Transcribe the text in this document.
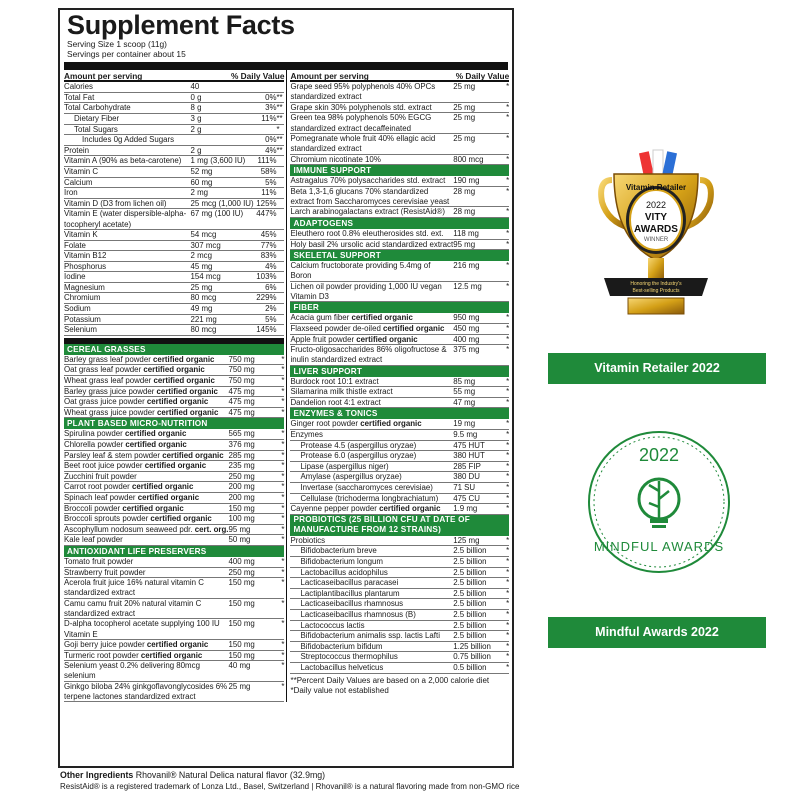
Supplement Facts
Serving Size 1 scoop (11g)
Servings per container about 15
Amount per serving	% Daily Value
Calories	40
Total Fat	0 g	0% **
Total Carbohydrate	8 g	3% **
Dietary Fiber	3 g	11% **
Total Sugars	2 g	*
Includes 0g Added Sugars	0% **
Protein	2 g	4% **
Vitamin A (90% as beta-carotene)	1 mg (3,600 IU)	111%
Vitamin C	52 mg	58%
Calcium	60 mg	5%
Iron	2 mg	11%
Vitamin D (D3 from lichen oil)	25 mcg (1,000 IU) 125%
Vitamin E (water dispersible-alpha-tocopheryl acetate)
67 mg (100 IU)	447%
Vitamin K	54 mcg	45%
Folate	307 mcg	77%
Vitamin B12	2 mcg	83%
Phosphorus	45 mg	4%
Iodine	154 mcg	103%
Magnesium	25 mg	6%
Chromium	80 mcg	229%
Sodium	49 mg	2%
Potassium	221 mg	5%
Selenium	80 mcg	145%
CEREAL GRASSES
Barley grass leaf powder certified organic	750 mg	*
Oat grass leaf powder certified organic	750 mg	*
Wheat grass leaf powder certified organic	750 mg	*
Barley grass juice powder certified organic	475 mg	*
Oat grass juice powder certified organic	475 mg	*
Wheat grass juice powder certified organic	475 mg	*
PLANT BASED MICRO-NUTRITION
Spirulina powder certified organic	565 mg	*
Chlorella powder certified organic	376 mg	*
Parsley leaf & stem powder certified organic 285 mg	*
Beet root juice powder certified organic	235 mg	*
Zucchini fruit powder	250 mg	*
Carrot root powder certified organic	200 mg	*
Spinach leaf powder certified organic	200 mg	*
Broccoli powder certified organic	150 mg	*
Broccoli sprouts powder certified organic	100 mg	*
Ascophyllum nodosum seaweed pdr. cert. org. 95 mg	*
Kale leaf powder	50 mg	*
ANTIOXIDANT LIFE PRESERVERS
Tomato fruit powder	400 mg	*
Strawberry fruit powder	250 mg	*
Acerola fruit juice 16% natural vitamin C standardized extract
150 mg	*
Camu camu fruit 20% natural vitamin C standardized extract
150 mg	*
D-alpha tocopherol acetate supplying 100 IU Vitamin E
150 mg	*
Goji berry juice powder certified organic	150 mg	*
Turmeric root powder certified organic	150 mg	*
Selenium yeast 0.2% delivering 80mcg selenium
40 mg	*
Ginkgo biloba 24% ginkgoflavonglycosides 6% terpene lactones standardized extract
25 mg	*
Amount per serving	% Daily Value
Grape seed 95% polyphenols 40% OPCs standardized extract
25 mg	*
Grape skin 30% polyphenols std. extract	25 mg	*
Green tea 98% polyphenols 50% EGCG standardized extract decaffeinated
25 mg	*
Pomegranate whole fruit 40% ellagic acid standardized extract
25 mg	*
Chromium nicotinate 10%	800 mcg	*
IMMUNE SUPPORT
Astragalus 70% polysaccharides std. extract 190 mg	*
Beta 1,3-1,6 glucans 70% standardized extract from Saccharomyces cerevisiae yeast
28 mg	*
Larch arabinogalactans extract (ResistAid®)	28 mg	*
ADAPTOGENS
Eleuthero root 0.8% eleutherosides std. ext.	118 mg	*
Holy basil 2% ursolic acid standardized extract 95 mg	*
SKELETAL SUPPORT
Calcium fructoborate providing 5.4mg of Boron
216 mg	*
Lichen oil powder providing 1,000 IU vegan Vitamin D3
12.5 mg	*
FIBER
Acacia gum fiber certified organic	950 mg	*
Flaxseed powder de-oiled certified organic	450 mg	*
Apple fruit powder certified organic	400 mg	*
Fructo-oligosaccharides 86% oligofructose & inulin standardized extract
375 mg	*
LIVER SUPPORT
Burdock root 10:1 extract	85 mg	*
Silamarina milk thistle extract	55 mg	*
Dandelion root 4:1 extract	47 mg	*
ENZYMES & TONICS
Ginger root powder certified organic	19 mg	*
Enzymes	9.5 mg	*
Protease 4.5 (aspergillus oryzae)	475 HUT	*
Protease 6.0 (aspergillus oryzae)	380 HUT	*
Lipase (aspergillus niger)	285 FIP	*
Amylase (aspergillus oryzae)	380 DU	*
Invertase (saccharomyces cerevisiae)	71 SU	*
Cellulase (trichoderma longbrachiatum)	475 CU	*
Cayenne pepper powder certified organic	1.9 mg	*
PROBIOTICS (25 BILLION CFU AT DATE OF MANUFACTURE FROM 12 STRAINS)
Probiotics	125 mg	*
Bifidobacterium breve	2.5 billion	*
Bifidobacterium longum	2.5 billion	*
Lactobacillus acidophilus	2.5 billion	*
Lacticaseibacillus paracasei	2.5 billion	*
Lactiplantibacillus plantarum	2.5 billion	*
Lacticaseibacillus rhamnosus	2.5 billion	*
Lacticaseibacillus rhamnosus (B)	2.5 billion	*
Lactococcus lactis	2.5 billion	*
Bifidobacterium animalis ssp. lactis Lafti	2.5 billion	*
Bifidobacterium bifidum	1.25 billion	*
Streptococcus thermophilus	0.75 billion	*
Lactobacillus helveticus	0.5 billion	*
**Percent Daily Values are based on a 2,000 calorie diet
*Daily value not established
Other Ingredients Rhovanil® Natural Delica natural flavor (32.9mg)
ResistAid® is a registered trademark of Lonza Ltd., Basel, Switzerland | Rhovanil® is a natural flavoring made from non-GMO rice
Vitamin Retailer
2022
VITY
AWARDS
WINNER
Honoring the Industry's
Best-selling Products
Vitamin Retailer 2022
2022
MINDFUL AWARDS
Mindful Awards 2022
